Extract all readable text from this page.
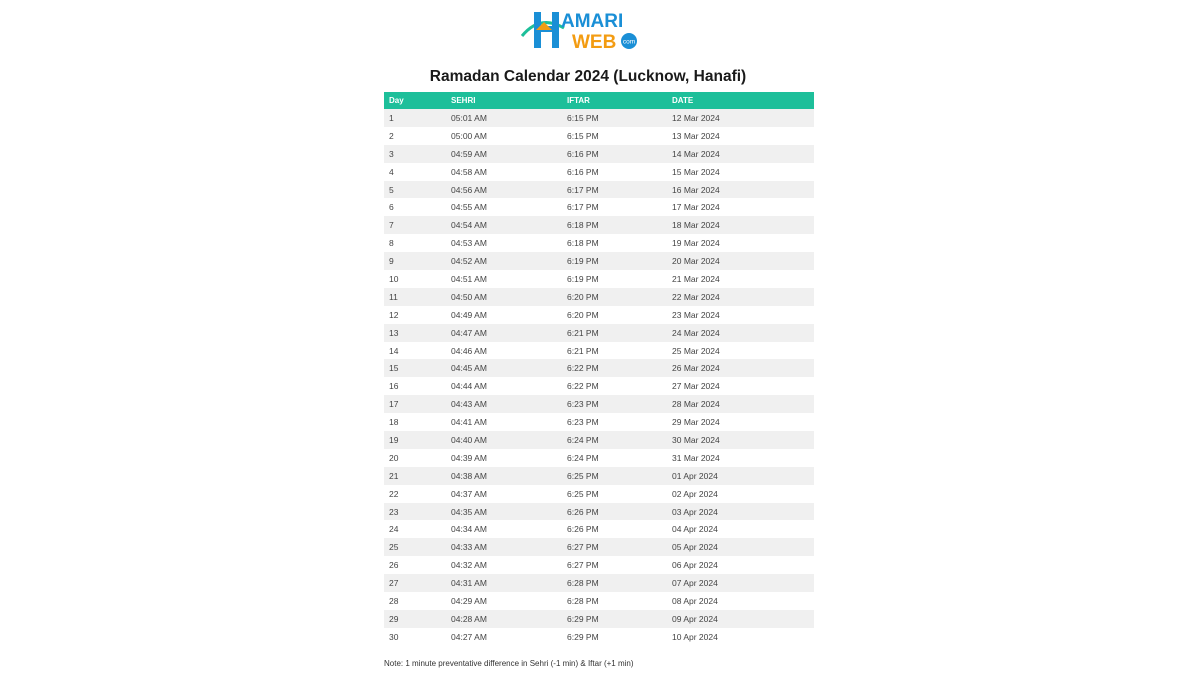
AMARI
WEB com
Ramadan Calendar 2024 (Lucknow, Hanafi)
Day	SEHRI	IFTAR	DATE
1	05:01 AM	6:15 PM	12 Mar 2024
2	05:00 AM	6:15 PM	13 Mar 2024
3	04:59 AM	6:16 PM	14 Mar 2024
4	04:58 AM	6:16 PM	15 Mar 2024
5	04:56 AM	6:17 PM	16 Mar 2024
6	04:55 AM	6:17 PM	17 Mar 2024
7	04:54 AM	6:18 PM	18 Mar 2024
8	04:53 AM	6:18 PM	19 Mar 2024
9	04:52 AM	6:19 PM	20 Mar 2024
10	04:51 AM	6:19 PM	21 Mar 2024
11	04:50 AM	6:20 PM	22 Mar 2024
12	04:49 AM	6:20 PM	23 Mar 2024
13	04:47 AM	6:21 PM	24 Mar 2024
14	04:46 AM	6:21 PM	25 Mar 2024
15	04:45 AM	6:22 PM	26 Mar 2024
16	04:44 AM	6:22 PM	27 Mar 2024
17	04:43 AM	6:23 PM	28 Mar 2024
18	04:41 AM	6:23 PM	29 Mar 2024
19	04:40 AM	6:24 PM	30 Mar 2024
20	04:39 AM	6:24 PM	31 Mar 2024
21	04:38 AM	6:25 PM	01 Apr 2024
22	04:37 AM	6:25 PM	02 Apr 2024
23	04:35 AM	6:26 PM	03 Apr 2024
24	04:34 AM	6:26 PM	04 Apr 2024
25	04:33 AM	6:27 PM	05 Apr 2024
26	04:32 AM	6:27 PM	06 Apr 2024
27	04:31 AM	6:28 PM	07 Apr 2024
28	04:29 AM	6:28 PM	08 Apr 2024
29	04:28 AM	6:29 PM	09 Apr 2024
30	04:27 AM	6:29 PM	10 Apr 2024

Note: 1 minute preventative difference in Sehri (-1 min) & Iftar (+1 min)
